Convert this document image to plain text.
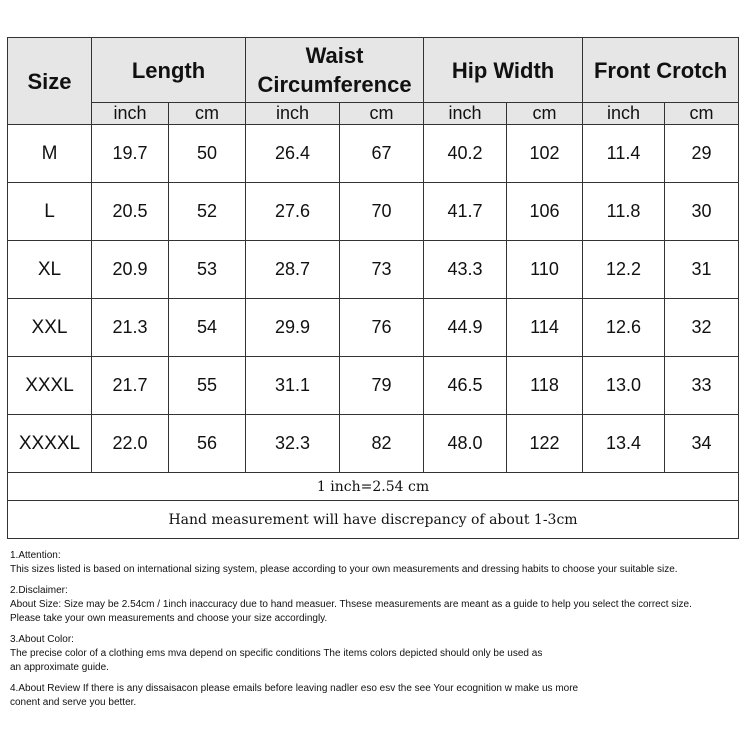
Size	Length		Waist
Circumference		Hip Width		Front Crotch	
	inch	cm	inch	cm	inch	cm	inch	cm
M	19.7	50	26.4	67	40.2	102	11.4	29
L	20.5	52	27.6	70	41.7	106	11.8	30
XL	20.9	53	28.7	73	43.3	110	12.2	31
XXL	21.3	54	29.9	76	44.9	114	12.6	32
XXXL	21.7	55	31.1	79	46.5	118	13.0	33
XXXXL	22.0	56	32.3	82	48.0	122	13.4	34
1 inch=2.54 cm								
Hand measurement will have discrepancy of about 1-3cm								

1.Attention:

This sizes listed is based on international sizing system, please according to your own measurements and dressing habits to choose your suitable size.

2.Disclaimer:

About Size: Size may be 2.54cm / 1inch inaccuracy due to hand measuer. Thsese measurements are meant as a guide to help you select the correct size.

Please take your own measurements and choose your size accordingly.

3.About Color:

The precise color of a clothing ems mva depend on specific conditions The items colors depicted should only be used as

an approximate guide.

4.About Review If there is any dissaisacon please emails before leaving nadler eso esv the see Your ecognition w make us more

conent and serve you better.
